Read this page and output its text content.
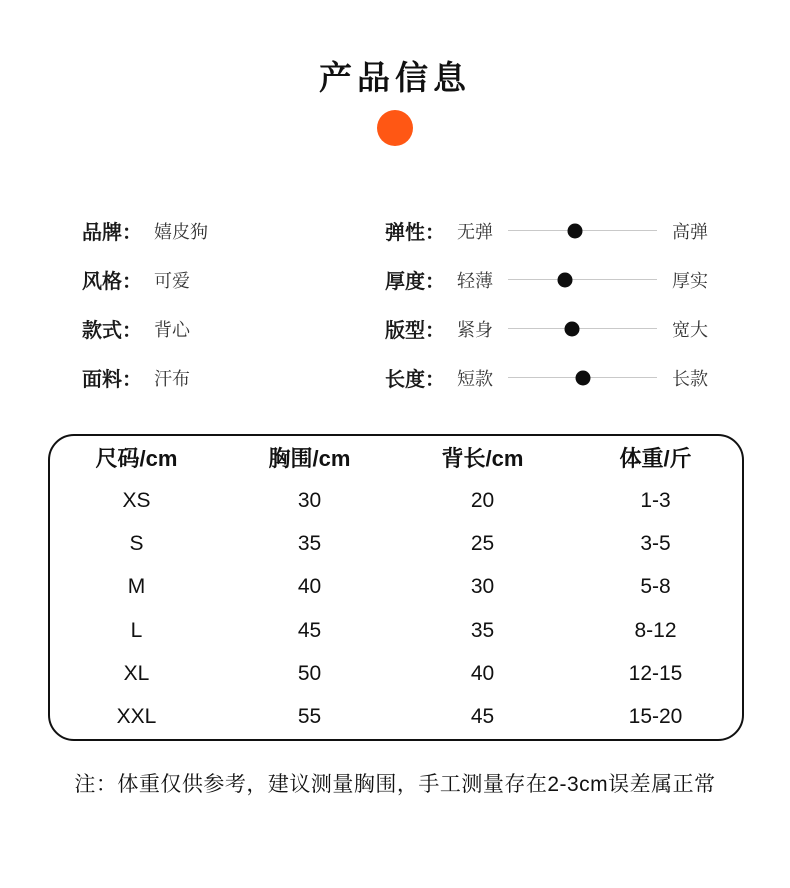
产品信息
品牌： 嬉皮狗
风格： 可爱
款式： 背心
面料： 汗布
弹性： 无弹	高弹
厚度： 轻薄	厚实
版型： 紧身	宽大
长度： 短款	长款
尺码/cm	胸围/cm	背长/cm	体重/斤
XS	30	20	1-3
S	35	25	3-5
M	40	30	5-8
L	45	35	8-12
XL	50	40	12-15
XXL	55	45	15-20
注：体重仅供参考，建议测量胸围，手工测量存在2-3cm误差属正常
